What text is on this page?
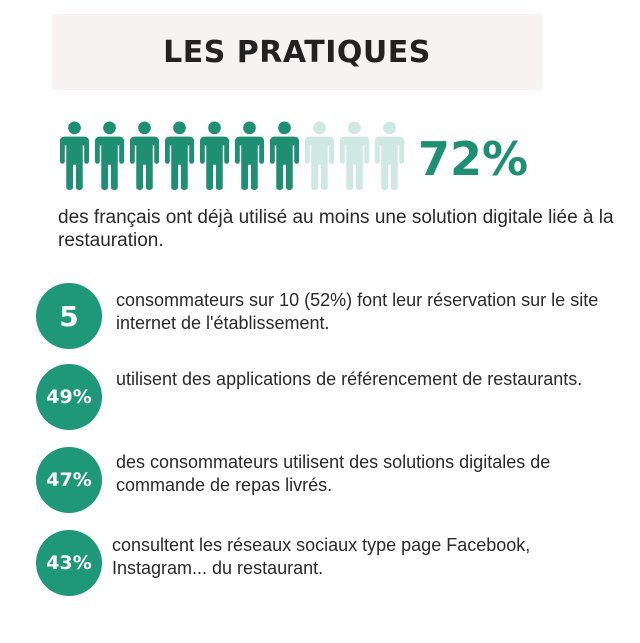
LES PRATIQUES
72%
des français ont déjà utilisé au moins une solution digitale liée à la restauration.
5	consommateurs sur 10 (52%) font leur réservation sur le site internet de l'établissement.
49%
utilisent des applications de référencement de restaurants.
47%
des consommateurs utilisent des solutions digitales de commande de repas livrés.
43%
consultent les réseaux sociaux type page Facebook, Instagram... du restaurant.
